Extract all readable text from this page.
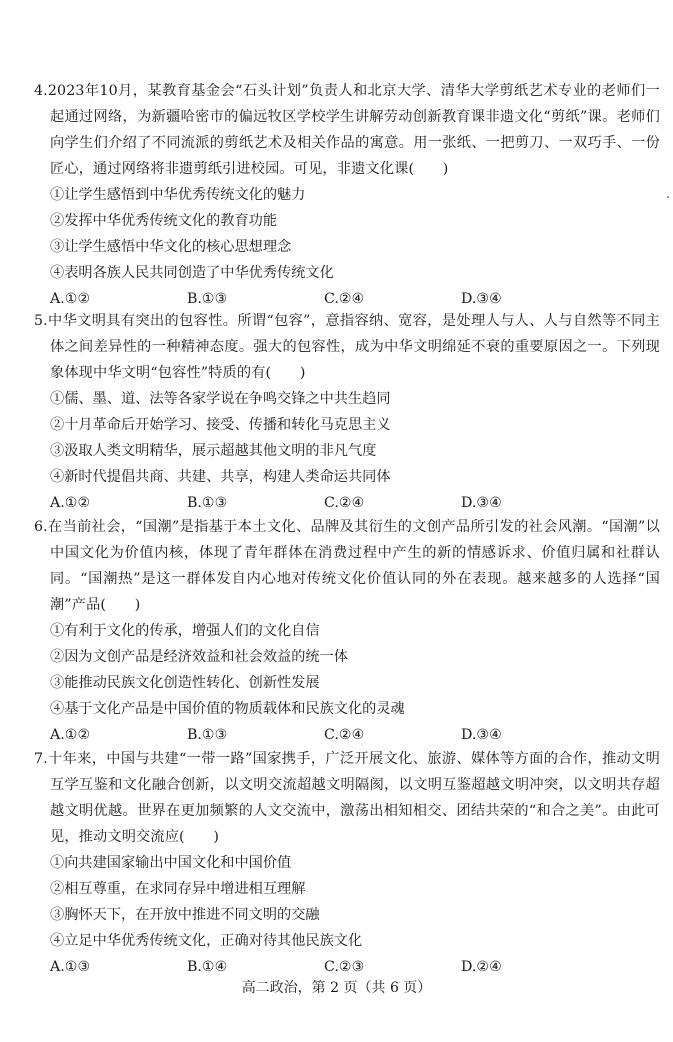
4.2023年10月，某教育基金会“石头计划”负责人和北京大学、清华大学剪纸艺术专业的老师们一起通过网络，为新疆哈密市的偏远牧区学校学生讲解劳动创新教育课非遗文化“剪纸”课。老师们向学生们介绍了不同流派的剪纸艺术及相关作品的寓意。用一张纸、一把剪刀、一双巧手、一份匠心，通过网络将非遗剪纸引进校园。可见，非遗文化课(　　)

①让学生感悟到中华优秀传统文化的魅力

②发挥中华优秀传统文化的教育功能

③让学生感悟中华文化的核心思想理念

④表明各族人民共同创造了中华优秀传统文化

A.①②	B.①③	C.②④	D.③④

5.中华文明具有突出的包容性。所谓“包容”，意指容纳、宽容，是处理人与人、人与自然等不同主体之间差异性的一种精神态度。强大的包容性，成为中华文明绵延不衰的重要原因之一。下列现象体现中华文明“包容性”特质的有(　　)

①儒、墨、道、法等各家学说在争鸣交锋之中共生趋同

②十月革命后开始学习、接受、传播和转化马克思主义

③汲取人类文明精华，展示超越其他文明的非凡气度

④新时代提倡共商、共建、共享，构建人类命运共同体

A.①②	B.①③	C.②④	D.③④

6.在当前社会，“国潮”是指基于本土文化、品牌及其衍生的文创产品所引发的社会风潮。“国潮”以中国文化为价值内核，体现了青年群体在消费过程中产生的新的情感诉求、价值归属和社群认同。“国潮热”是这一群体发自内心地对传统文化价值认同的外在表现。越来越多的人选择“国潮”产品(　　)

①有利于文化的传承，增强人们的文化自信

②因为文创产品是经济效益和社会效益的统一体

③能推动民族文化创造性转化、创新性发展

④基于文化产品是中国价值的物质载体和民族文化的灵魂

A.①②	B.①③	C.②④	D.③④

7.十年来，中国与共建“一带一路”国家携手，广泛开展文化、旅游、媒体等方面的合作，推动文明互学互鉴和文化融合创新，以文明交流超越文明隔阂，以文明互鉴超越文明冲突，以文明共存超越文明优越。世界在更加频繁的人文交流中，激荡出相知相交、团结共荣的“和合之美”。由此可见，推动文明交流应(　　)

①向共建国家输出中国文化和中国价值

②相互尊重，在求同存异中增进相互理解

③胸怀天下，在开放中推进不同文明的交融

④立足中华优秀传统文化，正确对待其他民族文化

A.①③	B.①④	C.②③	D.②④
高二政治，第 2 页（共 6 页）
